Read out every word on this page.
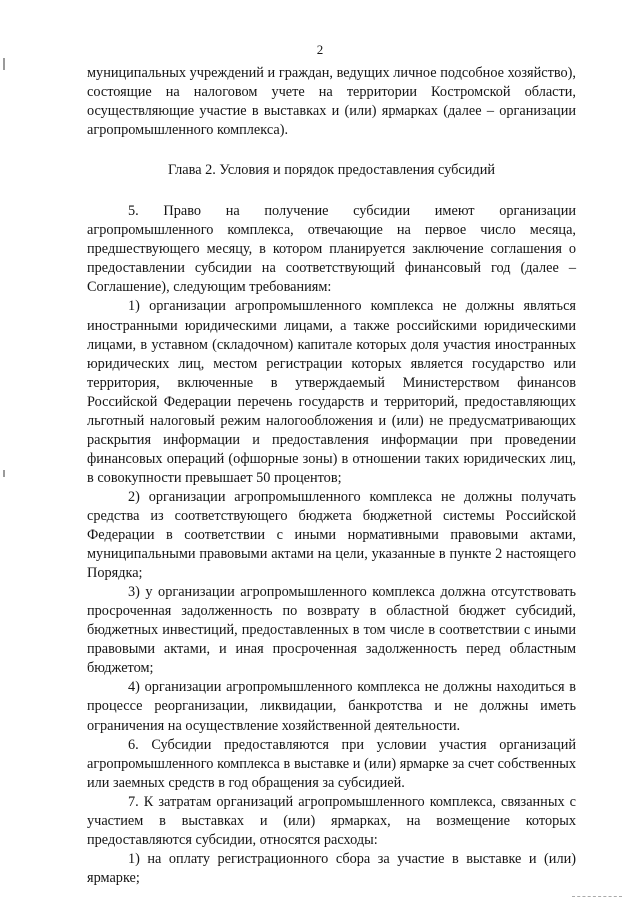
2

муниципальных учреждений и граждан, ведущих личное подсобное хозяйство), состоящие на налоговом учете на территории Костромской области, осуществляющие участие в выставках и (или) ярмарках (далее – организации агропромышленного комплекса).

Глава 2. Условия и порядок предоставления субсидий

5. Право на получение субсидии имеют организации агропромышленного комплекса, отвечающие на первое число месяца, предшествующего месяцу, в котором планируется заключение соглашения о предоставлении субсидии на соответствующий финансовый год (далее – Соглашение), следующим требованиям:

1) организации агропромышленного комплекса не должны являться иностранными юридическими лицами, а также российскими юридическими лицами, в уставном (складочном) капитале которых доля участия иностранных юридических лиц, местом регистрации которых является государство или территория, включенные в утверждаемый Министерством финансов Российской Федерации перечень государств и территорий, предоставляющих льготный налоговый режим налогообложения и (или) не предусматривающих раскрытия информации и предоставления информации при проведении финансовых операций (офшорные зоны) в отношении таких юридических лиц, в совокупности превышает 50 процентов;

2) организации агропромышленного комплекса не должны получать средства из соответствующего бюджета бюджетной системы Российской Федерации в соответствии с иными нормативными правовыми актами, муниципальными правовыми актами на цели, указанные в пункте 2 настоящего Порядка;

3) у организации агропромышленного комплекса должна отсутствовать просроченная задолженность по возврату в областной бюджет субсидий, бюджетных инвестиций, предоставленных в том числе в соответствии с иными правовыми актами, и иная просроченная задолженность перед областным бюджетом;

4) организации агропромышленного комплекса не должны находиться в процессе реорганизации, ликвидации, банкротства и не должны иметь ограничения на осуществление хозяйственной деятельности.

6. Субсидии предоставляются при условии участия организаций агропромышленного комплекса в выставке и (или) ярмарке за счет собственных или заемных средств в год обращения за субсидией.

7. К затратам организаций агропромышленного комплекса, связанных с участием в выставках и (или) ярмарках, на возмещение которых предоставляются субсидии, относятся расходы:

1) на оплату регистрационного сбора за участие в выставке и (или) ярмарке;
